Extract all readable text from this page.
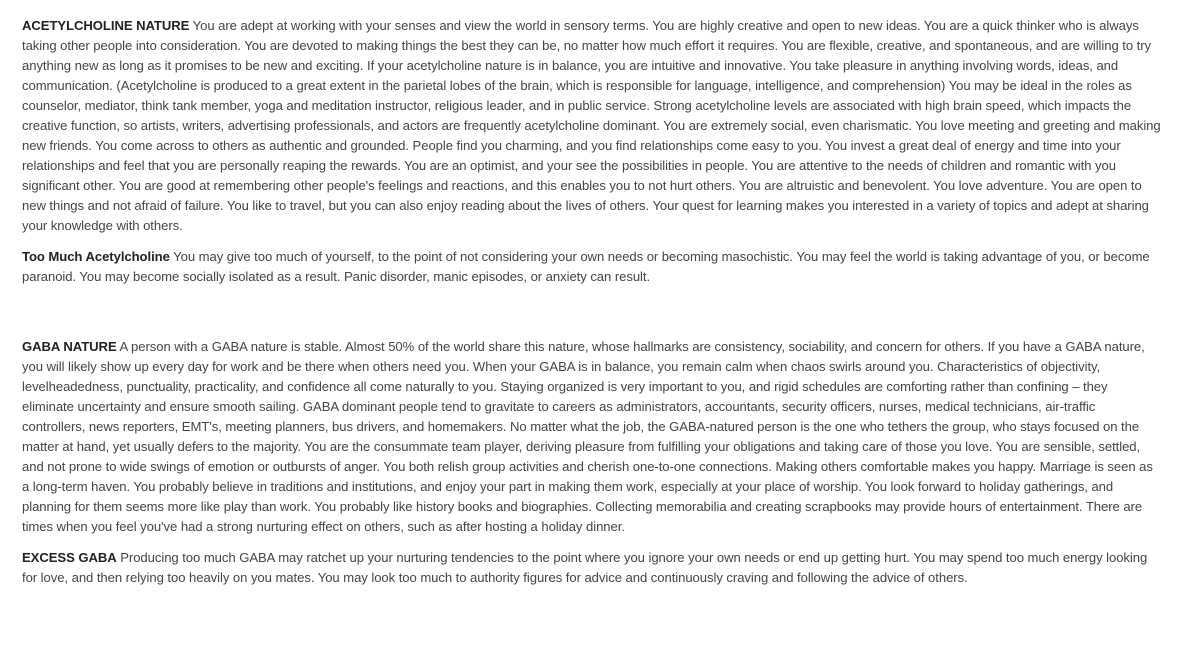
ACETYLCHOLINE NATURE You are adept at working with your senses and view the world in sensory terms. You are highly creative and open to new ideas. You are a quick thinker who is always taking other people into consideration. You are devoted to making things the best they can be, no matter how much effort it requires. You are flexible, creative, and spontaneous, and are willing to try anything new as long as it promises to be new and exciting. If your acetylcholine nature is in balance, you are intuitive and innovative. You take pleasure in anything involving words, ideas, and communication. (Acetylcholine is produced to a great extent in the parietal lobes of the brain, which is responsible for language, intelligence, and comprehension) You may be ideal in the roles as counselor, mediator, think tank member, yoga and meditation instructor, religious leader, and in public service. Strong acetylcholine levels are associated with high brain speed, which impacts the creative function, so artists, writers, advertising professionals, and actors are frequently acetylcholine dominant. You are extremely social, even charismatic. You love meeting and greeting and making new friends. You come across to others as authentic and grounded. People find you charming, and you find relationships come easy to you. You invest a great deal of energy and time into your relationships and feel that you are personally reaping the rewards. You are an optimist, and your see the possibilities in people. You are attentive to the needs of children and romantic with you significant other. You are good at remembering other people's feelings and reactions, and this enables you to not hurt others. You are altruistic and benevolent. You love adventure. You are open to new things and not afraid of failure. You like to travel, but you can also enjoy reading about the lives of others. Your quest for learning makes you interested in a variety of topics and adept at sharing your knowledge with others.

Too Much Acetylcholine You may give too much of yourself, to the point of not considering your own needs or becoming masochistic. You may feel the world is taking advantage of you, or become paranoid. You may become socially isolated as a result. Panic disorder, manic episodes, or anxiety can result.

GABA NATURE A person with a GABA nature is stable. Almost 50% of the world share this nature, whose hallmarks are consistency, sociability, and concern for others. If you have a GABA nature, you will likely show up every day for work and be there when others need you. When your GABA is in balance, you remain calm when chaos swirls around you. Characteristics of objectivity, levelheadedness, punctuality, practicality, and confidence all come naturally to you. Staying organized is very important to you, and rigid schedules are comforting rather than confining – they eliminate uncertainty and ensure smooth sailing. GABA dominant people tend to gravitate to careers as administrators, accountants, security officers, nurses, medical technicians, air-traffic controllers, news reporters, EMT's, meeting planners, bus drivers, and homemakers. No matter what the job, the GABA-natured person is the one who tethers the group, who stays focused on the matter at hand, yet usually defers to the majority. You are the consummate team player, deriving pleasure from fulfilling your obligations and taking care of those you love. You are sensible, settled, and not prone to wide swings of emotion or outbursts of anger. You both relish group activities and cherish one-to-one connections. Making others comfortable makes you happy. Marriage is seen as a long-term haven. You probably believe in traditions and institutions, and enjoy your part in making them work, especially at your place of worship. You look forward to holiday gatherings, and planning for them seems more like play than work. You probably like history books and biographies. Collecting memorabilia and creating scrapbooks may provide hours of entertainment. There are times when you feel you've had a strong nurturing effect on others, such as after hosting a holiday dinner.

EXCESS GABA Producing too much GABA may ratchet up your nurturing tendencies to the point where you ignore your own needs or end up getting hurt. You may spend too much energy looking for love, and then relying too heavily on you mates. You may look too much to authority figures for advice and continuously craving and following the advice of others.
